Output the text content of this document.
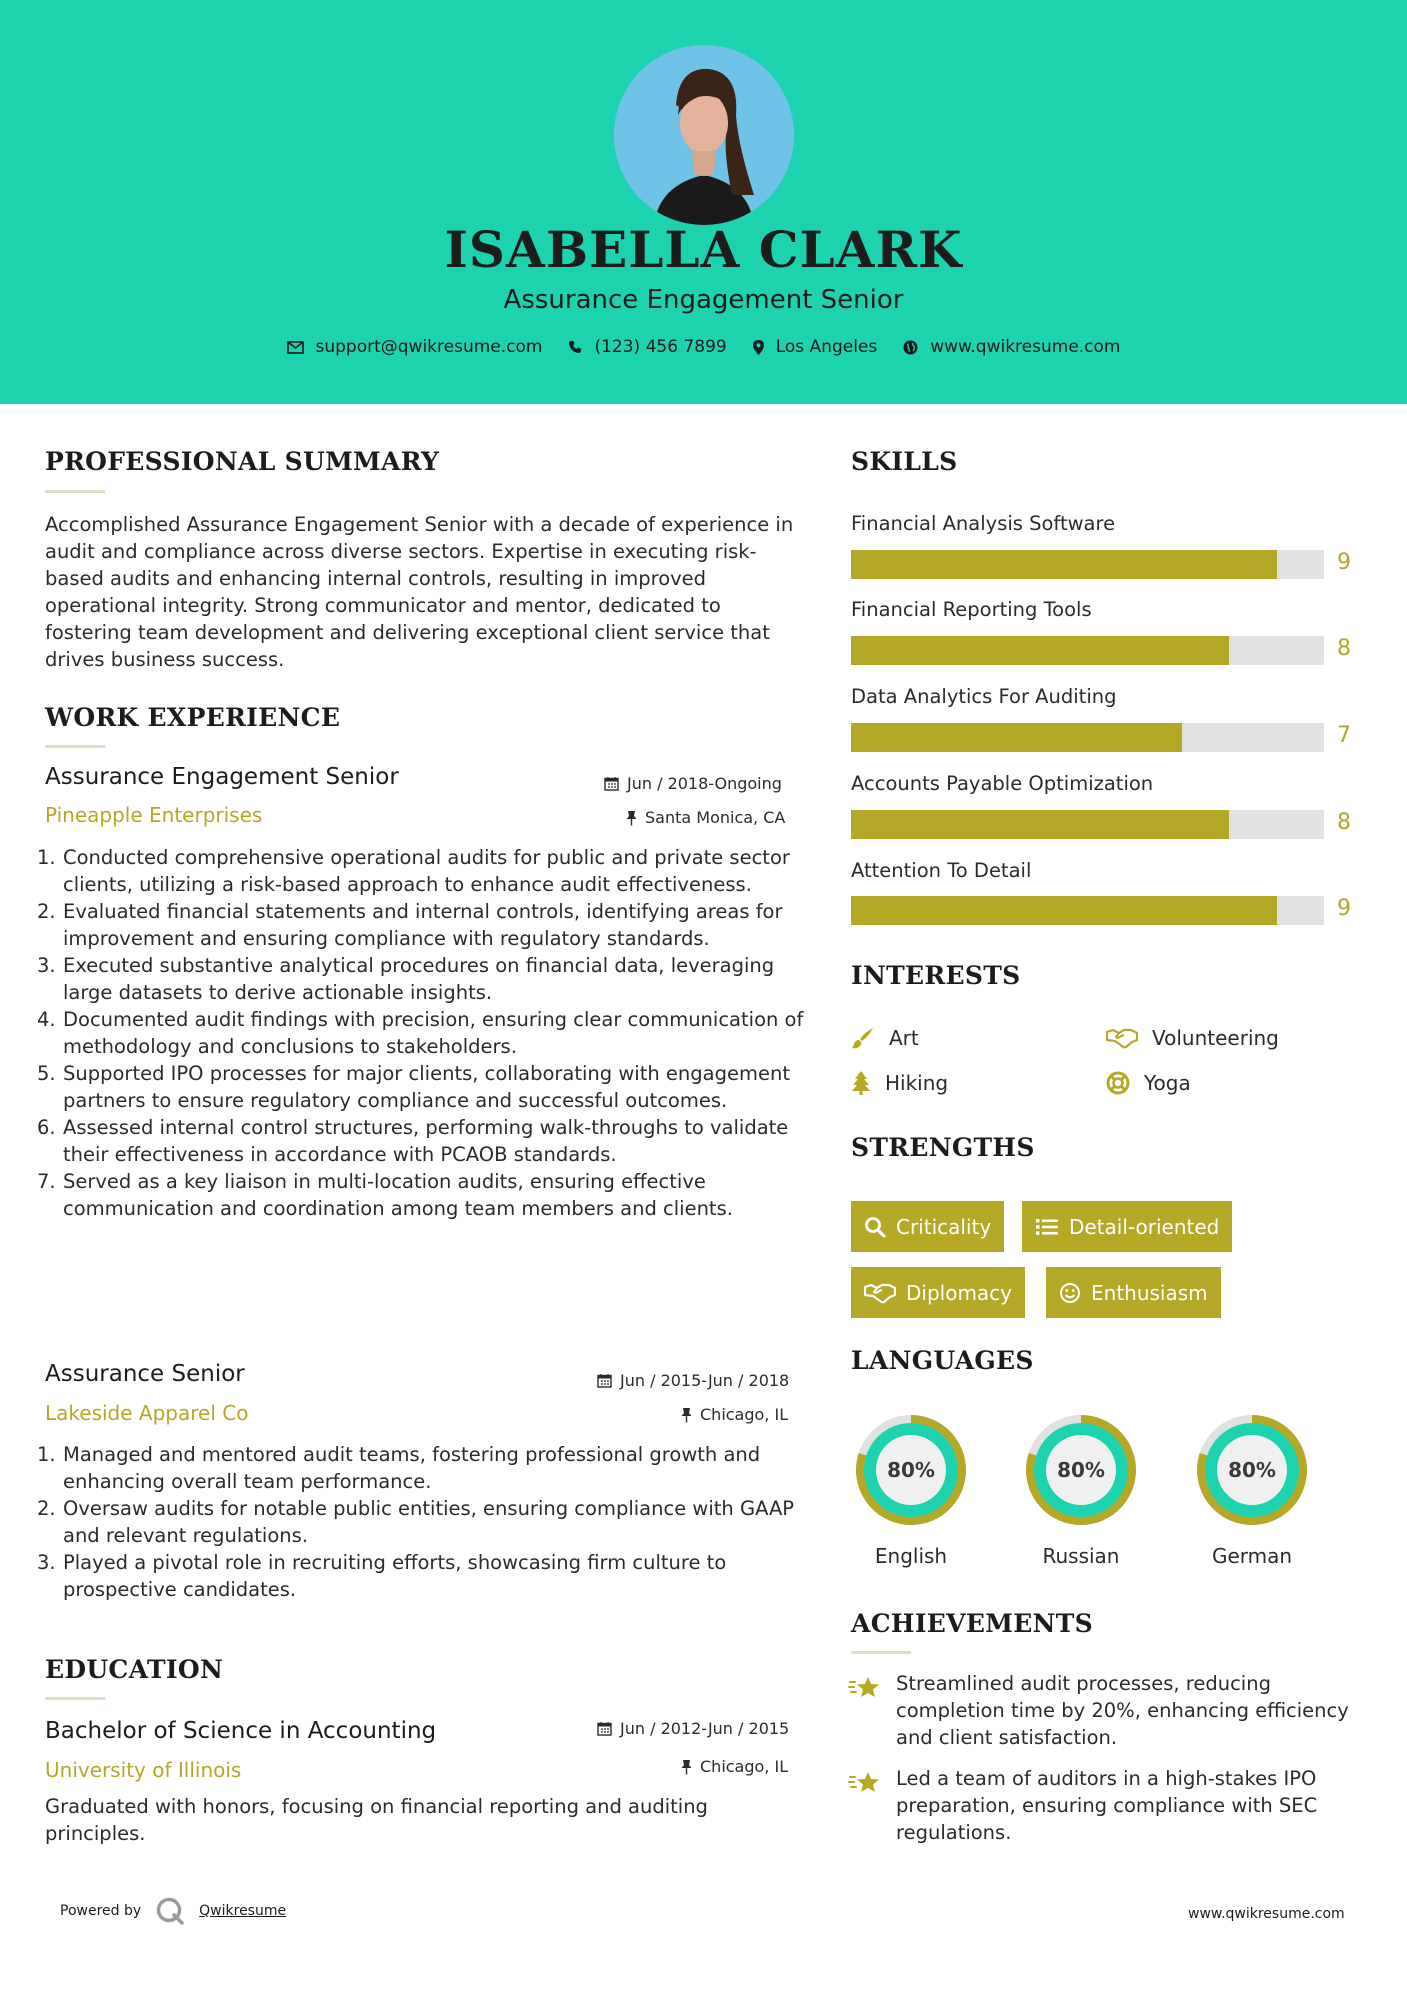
ISABELLA CLARK
Assurance Engagement Senior
support@qwikresume.com	(123) 456 7899	Los Angeles	www.qwikresume.com
PROFESSIONAL SUMMARY
Accomplished Assurance Engagement Senior with a decade of experience in audit and compliance across diverse sectors. Expertise in executing risk-based audits and enhancing internal controls, resulting in improved operational integrity. Strong communicator and mentor, dedicated to fostering team development and delivering exceptional client service that drives business success.
WORK EXPERIENCE
Assurance Engagement Senior	Jun / 2018-Ongoing
Pineapple Enterprises	Santa Monica, CA
1. Conducted comprehensive operational audits for public and private sector clients, utilizing a risk-based approach to enhance audit effectiveness.
2. Evaluated financial statements and internal controls, identifying areas for improvement and ensuring compliance with regulatory standards.
3. Executed substantive analytical procedures on financial data, leveraging large datasets to derive actionable insights.
4. Documented audit findings with precision, ensuring clear communication of methodology and conclusions to stakeholders.
5. Supported IPO processes for major clients, collaborating with engagement partners to ensure regulatory compliance and successful outcomes.
6. Assessed internal control structures, performing walk-throughs to validate their effectiveness in accordance with PCAOB standards.
7. Served as a key liaison in multi-location audits, ensuring effective communication and coordination among team members and clients.
Assurance Senior	Jun / 2015-Jun / 2018
Lakeside Apparel Co	Chicago, IL
1. Managed and mentored audit teams, fostering professional growth and enhancing overall team performance.
2. Oversaw audits for notable public entities, ensuring compliance with GAAP and relevant regulations.
3. Played a pivotal role in recruiting efforts, showcasing firm culture to prospective candidates.
EDUCATION
Bachelor of Science in Accounting	Jun / 2012-Jun / 2015
University of Illinois	Chicago, IL
Graduated with honors, focusing on financial reporting and auditing principles.
SKILLS
Financial Analysis Software
9
Financial Reporting Tools
8
Data Analytics For Auditing
7
Accounts Payable Optimization
8
Attention To Detail
9
INTERESTS
Art	Volunteering
Hiking	Yoga
STRENGTHS
Criticality	Detail-oriented
Diplomacy	Enthusiasm
LANGUAGES
80%
English
80%
Russian
80%
German
ACHIEVEMENTS
Streamlined audit processes, reducing completion time by 20%, enhancing efficiency and client satisfaction.
Led a team of auditors in a high-stakes IPO preparation, ensuring compliance with SEC regulations.
Powered by	Qwikresume	www.qwikresume.com
